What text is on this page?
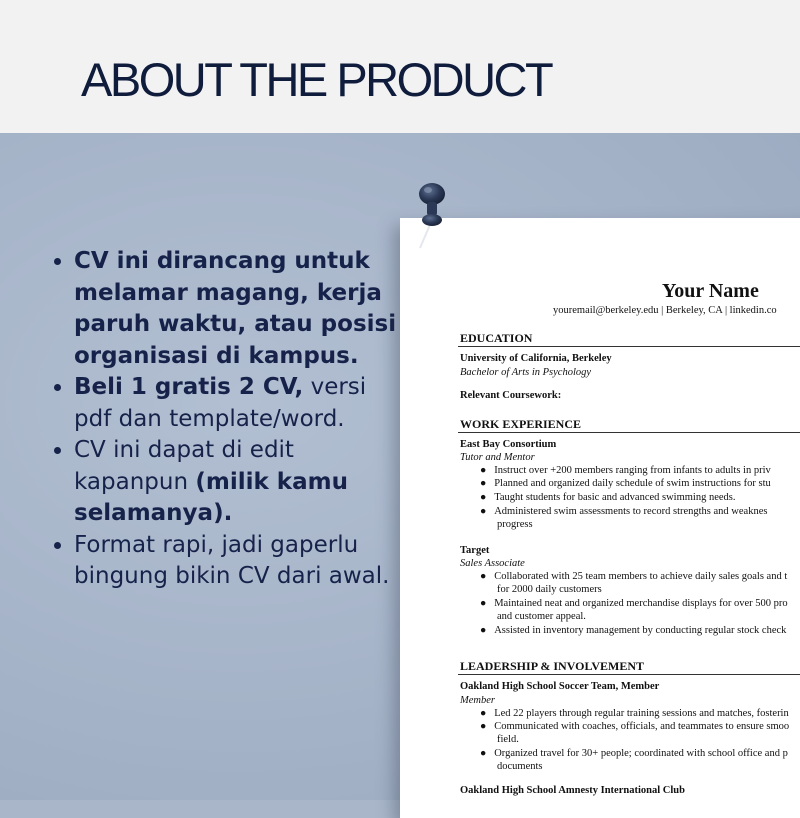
ABOUT THE PRODUCT
• CV ini dirancang untuk melamar magang, kerja paruh waktu, atau posisi organisasi di kampus.
• Beli 1 gratis 2 CV, versi pdf dan template/word.
• CV ini dapat di edit kapanpun (milik kamu selamanya).
• Format rapi, jadi gaperlu bingung bikin CV dari awal.
Your Name
youremail@berkeley.edu | Berkeley, CA | linkedin.co
EDUCATION
University of California, Berkeley
Bachelor of Arts in Psychology
Relevant Coursework:
WORK EXPERIENCE
East Bay Consortium
Tutor and Mentor
●   Instruct over +200 members ranging from infants to adults in priv
●   Planned and organized daily schedule of swim instructions for stu
●   Taught students for basic and advanced swimming needs.
●   Administered swim assessments to record strengths and weaknes
progress
Target
Sales Associate
●   Collaborated with 25 team members to achieve daily sales goals and t
for 2000 daily customers
●   Maintained neat and organized merchandise displays for over 500 pro
and customer appeal.
●   Assisted in inventory management by conducting regular stock check
LEADERSHIP & INVOLVEMENT
Oakland High School Soccer Team, Member
Member
●   Led 22 players through regular training sessions and matches, fosterin
●   Communicated with coaches, officials, and teammates to ensure smoo
field.
●   Organized travel for 30+ people; coordinated with school office and p
documents
Oakland High School Amnesty International Club
